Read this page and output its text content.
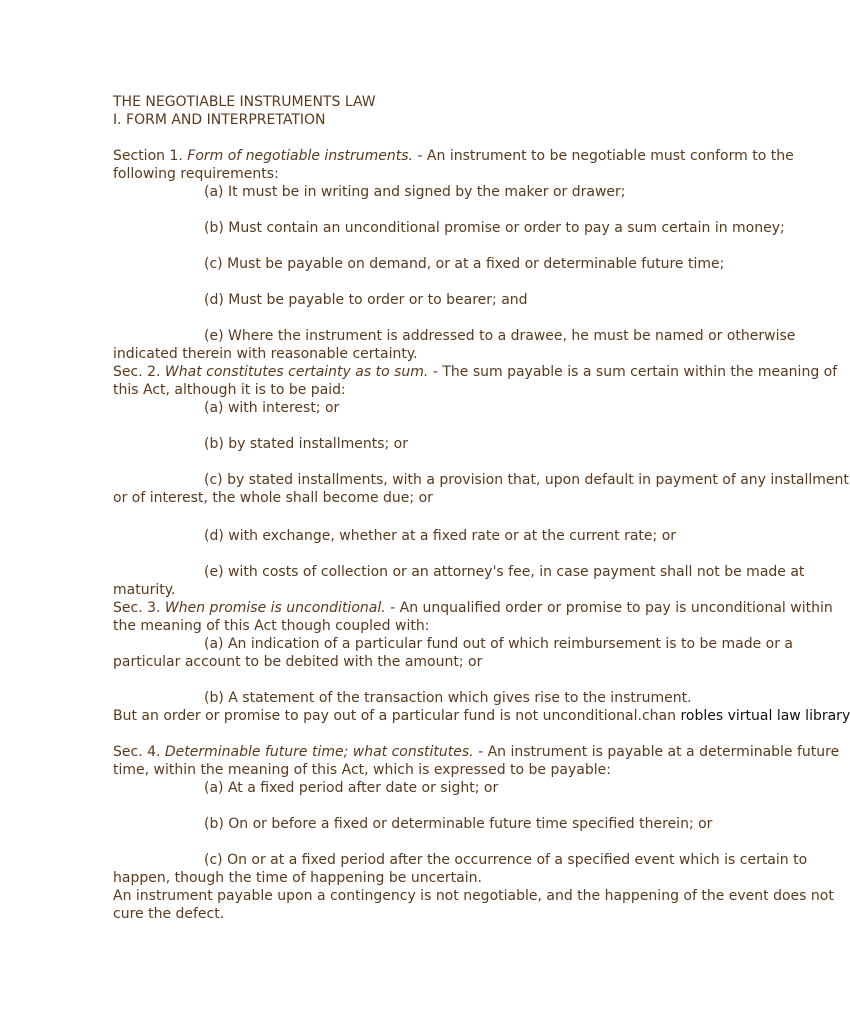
THE NEGOTIABLE INSTRUMENTS LAW
I. FORM AND INTERPRETATION
Section 1. Form of negotiable instruments. - An instrument to be negotiable must conform to the
following requirements:
(a) It must be in writing and signed by the maker or drawer;
(b) Must contain an unconditional promise or order to pay a sum certain in money;
(c) Must be payable on demand, or at a fixed or determinable future time;
(d) Must be payable to order or to bearer; and
(e) Where the instrument is addressed to a drawee, he must be named or otherwise
indicated therein with reasonable certainty.
Sec. 2. What constitutes certainty as to sum. - The sum payable is a sum certain within the meaning of
this Act, although it is to be paid:
(a) with interest; or
(b) by stated installments; or
(c) by stated installments, with a provision that, upon default in payment of any installment
or of interest, the whole shall become due; or
(d) with exchange, whether at a fixed rate or at the current rate; or
(e) with costs of collection or an attorney's fee, in case payment shall not be made at
maturity.
Sec. 3. When promise is unconditional. - An unqualified order or promise to pay is unconditional within
the meaning of this Act though coupled with:
(a) An indication of a particular fund out of which reimbursement is to be made or a
particular account to be debited with the amount; or
(b) A statement of the transaction which gives rise to the instrument.
But an order or promise to pay out of a particular fund is not unconditional.chan robles virtual law library
Sec. 4. Determinable future time; what constitutes. - An instrument is payable at a determinable future
time, within the meaning of this Act, which is expressed to be payable:
(a) At a fixed period after date or sight; or
(b) On or before a fixed or determinable future time specified therein; or
(c) On or at a fixed period after the occurrence of a specified event which is certain to
happen, though the time of happening be uncertain.
An instrument payable upon a contingency is not negotiable, and the happening of the event does not
cure the defect.
